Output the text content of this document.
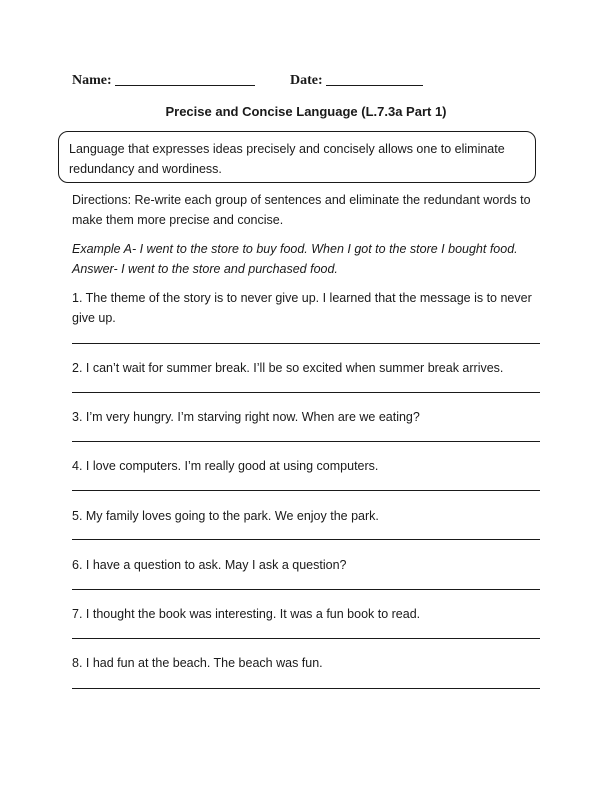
Name:	Date:
Precise and Concise Language (L.7.3a Part 1)
Language that expresses ideas precisely and concisely allows one to eliminate redundancy and wordiness.
Directions: Re-write each group of sentences and eliminate the redundant words to make them more precise and concise.
Example A- I went to the store to buy food. When I got to the store I bought food.
Answer- I went to the store and purchased food.
1. The theme of the story is to never give up. I learned that the message is to never give up.
2. I can’t wait for summer break. I’ll be so excited when summer break arrives.
3. I’m very hungry. I’m starving right now. When are we eating?
4. I love computers. I’m really good at using computers.
5. My family loves going to the park. We enjoy the park.
6. I have a question to ask. May I ask a question?
7. I thought the book was interesting. It was a fun book to read.
8. I had fun at the beach. The beach was fun.
